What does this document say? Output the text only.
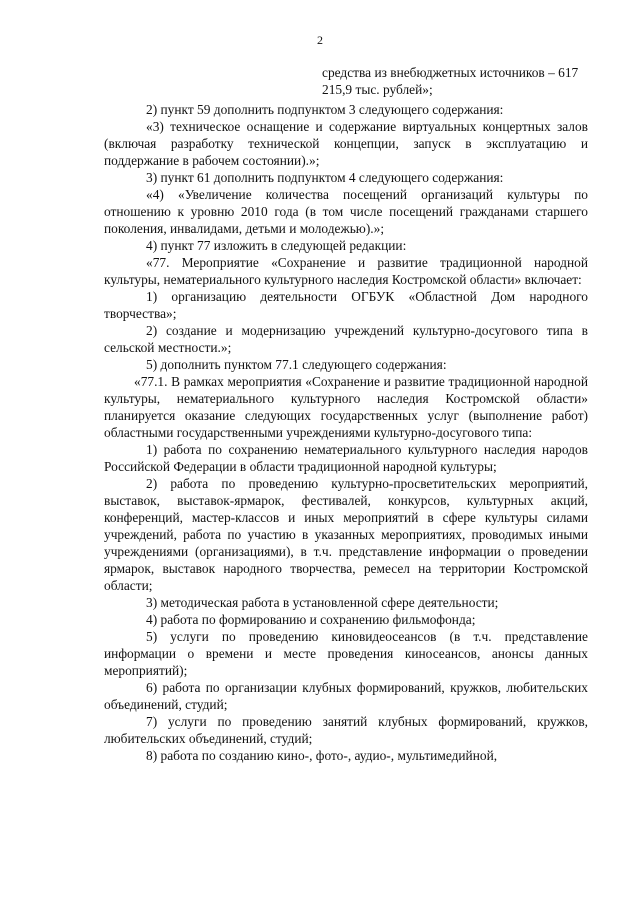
2

средства из внебюджетных источников – 617 215,9 тыс. рублей»;

2) пункт 59 дополнить подпунктом 3 следующего содержания:

«3) техническое оснащение и содержание виртуальных концертных залов (включая разработку технической концепции, запуск в эксплуатацию и поддержание в рабочем состоянии).»;

3) пункт 61 дополнить подпунктом 4 следующего содержания:

«4) «Увеличение количества посещений организаций культуры по отношению к уровню 2010 года (в том числе посещений гражданами старшего поколения, инвалидами, детьми и молодежью).»;

4) пункт 77 изложить в следующей редакции:

«77. Мероприятие «Сохранение и развитие традиционной народной культуры, нематериального культурного наследия Костромской области» включает:

1) организацию деятельности ОГБУК «Областной Дом народного творчества»;

2) создание и модернизацию учреждений культурно-досугового типа в сельской местности.»;

5) дополнить пунктом 77.1 следующего содержания:

«77.1. В рамках мероприятия «Сохранение и развитие традиционной народной культуры, нематериального культурного наследия Костромской области» планируется оказание следующих государственных услуг (выполнение работ) областными государственными учреждениями культурно-досугового типа:

1) работа по сохранению нематериального культурного наследия народов Российской Федерации в области традиционной народной культуры;

2) работа по проведению культурно-просветительских мероприятий, выставок, выставок-ярмарок, фестивалей, конкурсов, культурных акций, конференций, мастер-классов и иных мероприятий в сфере культуры силами учреждений, работа по участию в указанных мероприятиях, проводимых иными учреждениями (организациями), в т.ч. представление информации о проведении ярмарок, выставок народного творчества, ремесел на территории Костромской области;

3) методическая работа в установленной сфере деятельности;

4) работа по формированию и сохранению фильмофонда;

5) услуги по проведению киновидеосеансов (в т.ч. представление информации о времени и месте проведения киносеансов, анонсы данных мероприятий);

6) работа по организации клубных формирований, кружков, любительских объединений, студий;

7) услуги по проведению занятий клубных формирований, кружков, любительских объединений, студий;

8) работа по созданию кино-, фото-, аудио-, мультимедийной,
